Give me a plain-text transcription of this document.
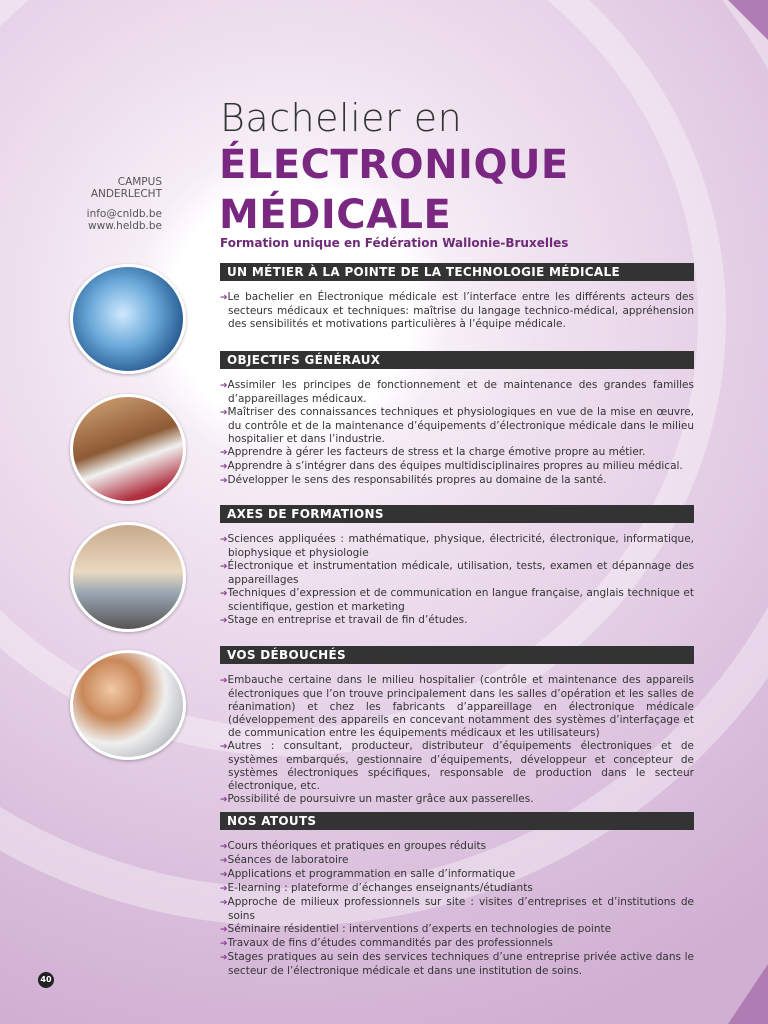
Bachelier en
ÉLECTRONIQUE
MÉDICALE
Formation unique en Fédération Wallonie-Bruxelles
CAMPUS
ANDERLECHT
info@cnldb.be
www.heldb.be
UN MÉTIER À LA POINTE DE LA TECHNOLOGIE MÉDICALE
➔Le bachelier en Électronique médicale est l’interface entre les différents acteurs des secteurs médicaux et techniques: maîtrise du langage technico-médical, appréhension des sensibilités et motivations particulières à l’équipe médicale.
OBJECTIFS GÉNÉRAUX
➔Assimiler les principes de fonctionnement et de maintenance des grandes familles d’appareillages médicaux.
➔Maîtriser des connaissances techniques et physiologiques en vue de la mise en œuvre, du contrôle et de la maintenance d’équipements d’électronique médicale dans le milieu hospitalier et dans l’industrie.
➔Apprendre à gérer les facteurs de stress et la charge émotive propre au métier.
➔Apprendre à s’intégrer dans des équipes multidisciplinaires propres au milieu médical.
➔Développer le sens des responsabilités propres au domaine de la santé.
AXES DE FORMATIONS
➔Sciences appliquées : mathématique, physique, électricité, électronique, informatique, biophysique et physiologie
➔Électronique et instrumentation médicale, utilisation, tests, examen et dépannage des appareillages
➔Techniques d’expression et de communication en langue française, anglais technique et scientifique, gestion et marketing
➔Stage en entreprise et travail de fin d’études.
VOS DÉBOUCHÉS
➔Embauche certaine dans le milieu hospitalier (contrôle et maintenance des appareils électroniques que l’on trouve principalement dans les salles d’opération et les salles de réanimation) et chez les fabricants d’appareillage en électronique médicale (développement des appareils en concevant notamment des systèmes d’interfaçage et de communication entre les équipements médicaux et les utilisateurs)
➔Autres : consultant, producteur, distributeur d’équipements électroniques et de systèmes embarqués, gestionnaire d’équipements, développeur et concepteur de systèmes électroniques spécifiques, responsable de production dans le secteur électronique, etc.
➔Possibilité de poursuivre un master grâce aux passerelles.
NOS ATOUTS
➔Cours théoriques et pratiques en groupes réduits
➔Séances de laboratoire
➔Applications et programmation en salle d’informatique
➔E-learning : plateforme d’échanges enseignants/étudiants
➔Approche de milieux professionnels sur site : visites d’entreprises et d’institutions de soins
➔Séminaire résidentiel : interventions d’experts en technologies de pointe
➔Travaux de fins d’études commandités par des professionnels
➔Stages pratiques au sein des services techniques d’une entreprise privée active dans le secteur de l’électronique médicale et dans une institution de soins.
40
